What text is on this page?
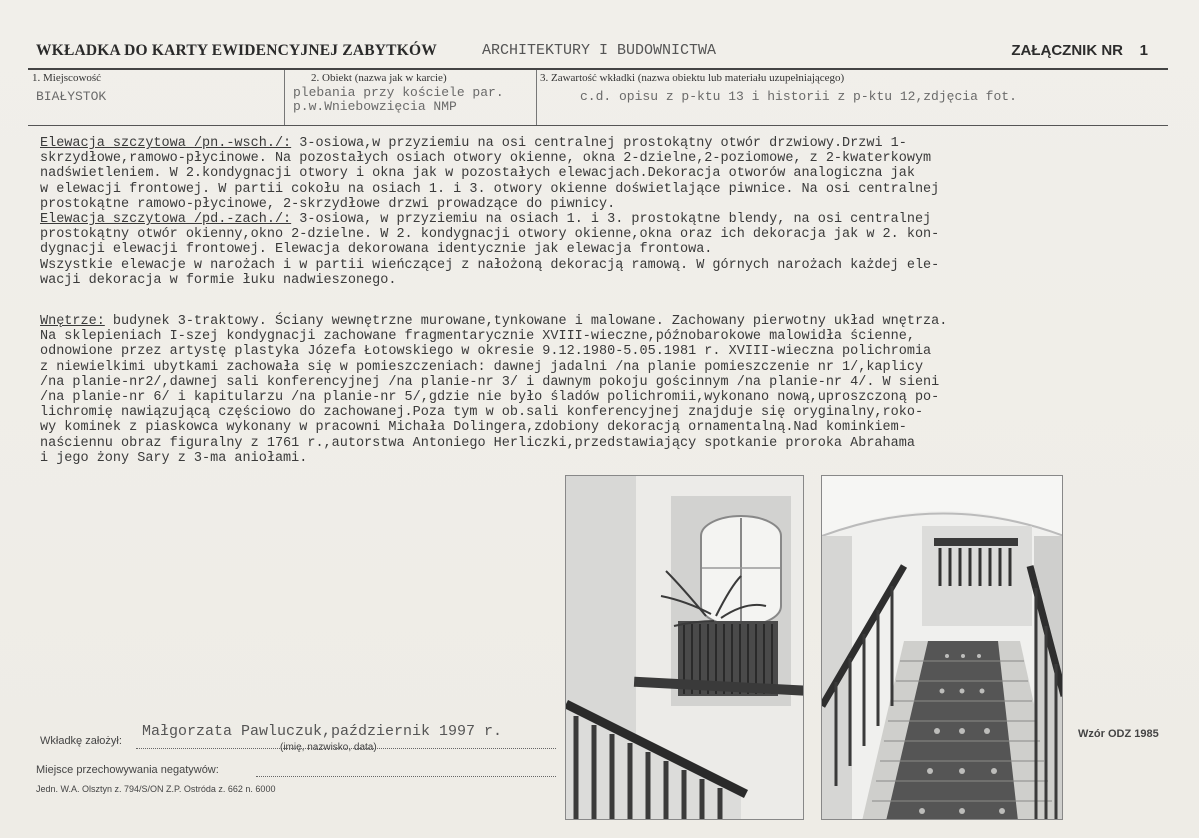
WKŁADKA DO KARTY EWIDENCYJNEJ ZABYTKÓW	ARCHITEKTURY I BUDOWNICTWA	ZAŁĄCZNIK NR 1
1. Miejscowość
BIAŁYSTOK
2. Obiekt (nazwa jak w karcie)
plebania przy kościele par.
p.w.Wniebowzięcia NMP
3. Zawartość wkładki (nazwa obiektu lub materiału uzupełniającego)
c.d. opisu z p-ktu 13 i historii z p-ktu 12,zdjęcia fot.
Elewacja szczytowa /pn.-wsch./: 3-osiowa,w przyziemiu na osi centralnej prostokątny otwór drzwiowy.Drzwi 1-
skrzydłowe,ramowo-płycinowe. Na pozostałych osiach otwory okienne, okna 2-dzielne,2-poziomowe, z 2-kwaterkowym
nadświetleniem. W 2.kondygnacji otwory i okna jak w pozostałych elewacjach.Dekoracja otworów analogiczna jak
w elewacji frontowej. W partii cokołu na osiach 1. i 3. otwory okienne doświetlające piwnice. Na osi centralnej
prostokątne ramowo-płycinowe, 2-skrzydłowe drzwi prowadzące do piwnicy.
Elewacja szczytowa /pd.-zach./: 3-osiowa, w przyziemiu na osiach 1. i 3. prostokątne blendy, na osi centralnej
prostokątny otwór okienny,okno 2-dzielne. W 2. kondygnacji otwory okienne,okna oraz ich dekoracja jak w 2. kon-
dygnacji elewacji frontowej. Elewacja dekorowana identycznie jak elewacja frontowa.
Wszystkie elewacje w narożach i w partii wieńczącej z nałożoną dekoracją ramową. W górnych narożach każdej ele-
wacji dekoracja w formie łuku nadwieszonego.
Wnętrze: budynek 3-traktowy. Ściany wewnętrzne murowane,tynkowane i malowane. Zachowany pierwotny układ wnętrza.
Na sklepieniach I-szej kondygnacji zachowane fragmentarycznie XVIII-wieczne,późnobarokowe malowidła ścienne,
odnowione przez artystę plastyka Józefa Łotowskiego w okresie 9.12.1980-5.05.1981 r. XVIII-wieczna polichromia
z niewielkimi ubytkami zachowała się w pomieszczeniach: dawnej jadalni /na planie pomieszczenie nr 1/,kaplicy
/na planie-nr2/,dawnej sali konferencyjnej /na planie-nr 3/ i dawnym pokoju gościnnym /na planie-nr 4/. W sieni
/na planie-nr 6/ i kapitularzu /na planie-nr 5/,gdzie nie było śladów polichromii,wykonano nową,uproszczoną po-
lichromię nawiązującą częściowo do zachowanej.Poza tym w ob.sali konferencyjnej znajduje się oryginalny,roko-
wy kominek z piaskowca wykonany w pracowni Michała Dolingera,zdobiony dekoracją ornamentalną.Nad kominkiem-
naściennu obraz figuralny z 1761 r.,autorstwa Antoniego Herliczki,przedstawiający spotkanie proroka Abrahama
i jego żony Sary z 3-ma aniołami.
Wkładkę założył:
Małgorzata Pawluczuk,październik 1997 r.
(imię, nazwisko, data)
Miejsce przechowywania negatywów:
Jedn. W.A. Olsztyn z. 794/S/ON Z.P. Ostróda z. 662 n. 6000
Wzór ODZ 1985
